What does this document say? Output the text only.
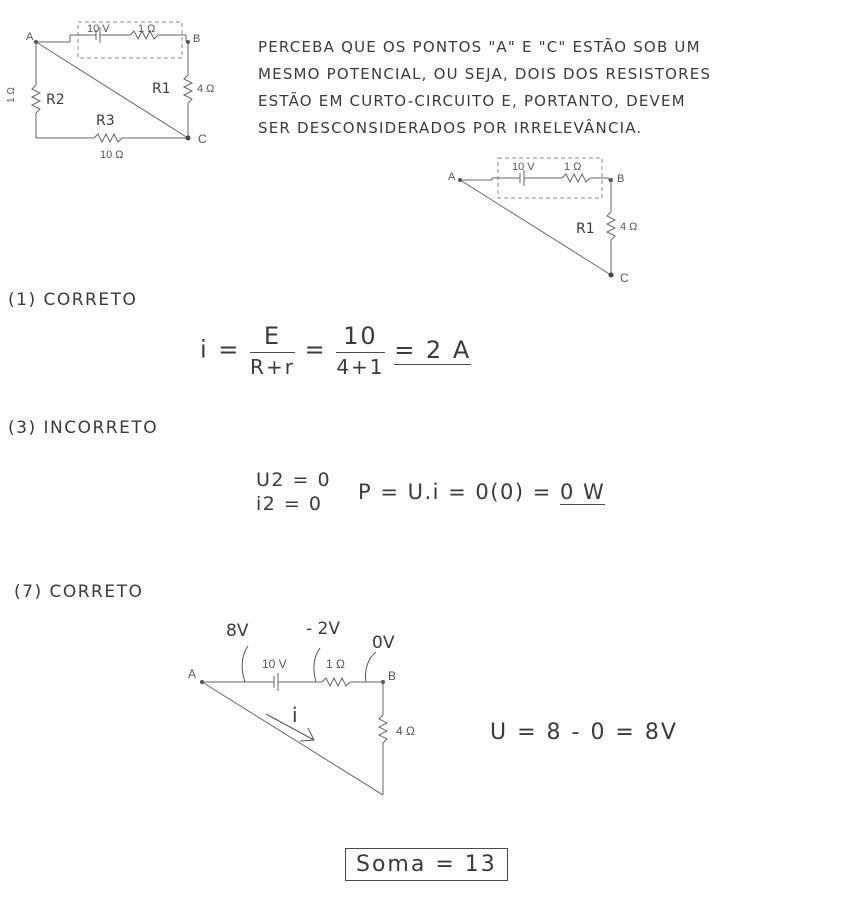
A	B
C
10 V	1 Ω
1 Ω R2
R1 4 Ω
R3
10 Ω
PERCEBA QUE OS PONTOS "A" E "C" ESTÃO SOB UM
MESMO POTENCIAL, OU SEJA, DOIS DOS RESISTORES
ESTÃO EM CURTO-CIRCUITO E, PORTANTO, DEVEM
SER DESCONSIDERADOS POR IRRELEVÂNCIA.
A	B
C
10 V	1 Ω
R1 4 Ω
(1) CORRETO
$i = \frac{E}{R+r} = \frac{10}{4+1} = 2$ A
(3) INCORRETO
U2 = 0
i2 = 0	P = U.i = 0(0) = 0 W
(7) CORRETO
8V	- 2V
0V
A	B
10 V	1 Ω
4 Ω
i
U = 8 - 0 = 8V
Soma = 13
